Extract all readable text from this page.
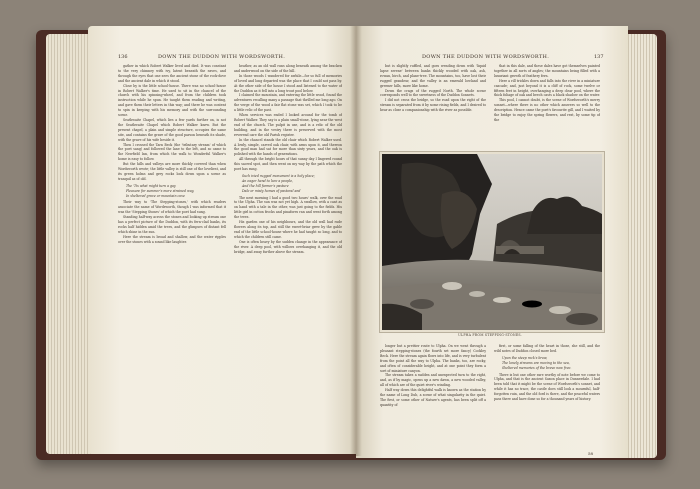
136	DOWN THE DUDDON WITH WORDSWORTH.

gather in which Robert Walker lived and died. It was constant to the very chimney with ivy, latent beneath the eaves, and through the eyes that one sees the ancient stone of the rock-dove and the ancient dale in which it stood.

Close by is the little school-house. There was no school-house in Robert Walker's time. He used to sit in the chancel of the church with his spinning-wheel, and from the children took instruction while he spun. He taught them reading and writing, and gave them their letters in this way; and there he was content to spin in keeping with his memory and with the surrounding scene.

Seathwaite Chapel, which lies a few yards further on, is not the Seathwaite Chapel which Robert Walker knew. But the present chapel, a plain and simple structure, occupies the same site, and contains the grave of the good parson beneath its shade, with the grave of his wife beside it.

Then I crossed the Tarn Beck (the 'tributary stream' of which the poet sang) and followed the lane to the left, and so came to the Newfield Inn, from which the walk to Wonderful Walker's home is easy to follow.

But the hills and valleys are more thickly covered than when Wordsworth wrote; the little valley is still one of the loveliest, and its green holms and grey rocks look down upon a scene as tranquil as of old.

The 'Tis what might turn a gay
Pleasure for summer's more strained way,
In sheltered grove or mountain cove

Their way to 'The Stepping-stones,' with which readers associate the name of Wordsworth, though I was informed that it was the 'Stepping Stones' of which the poet had sung.

Standing half-way across the stones and looking up stream one has a perfect picture of the Duddon, with its fern-clad banks, its rocks half hidden amid the trees, and the glimpses of distant fell which shine in the sun.

Here the stream is broad and shallow, and the water ripples over the stones with a sound like laughter.

heather, as an old wall runs along beneath among the bracken and underwood on the side of the hill.

In those woods I wandered for awhile—for so full of memories of loved and long departed was the place that I could not pass by. At the other side of the house I stood and listened to the water of the Duddon as it fell into a long trout pool below.

I claimed the mountain, and entering the little wood, found the adventures recalling many a passage that thrilled me long ago. On the verge of the wood a fair flat stone was set, which I took to be a little relic of the past.

When services was ended I looked around for the tomb of Robert Walker. They say is a plain small-stone, lying near the west end of the church. The pulpit in use, and is a relic of the old building, and in the vestry there is preserved with the most reverend care the old Parish register.

In the chancel stands the old chair which Robert Walker used. A lowly, simple, carved oak chair, with arms upon it, and thereon the good man had sat for more than sixty years, and the oak is polished with the hands of generations.

All through the bright hours of that sunny day I lingered round this sacred spot, and then went on my way by the path which the poet has sung.

Such ivied rugged monument is a holy place;
An eager hand to lure a people,
And the hill farmer's pasture
Dale or misty homes of pastoral and

The next morning I had a good two hours' walk, over the road to the Ulpha. The sun was not yet high. A swallow, with a cant as on hand with a tale in the other, was just going to the fields. His little girl in cotton frocks and pinafores ran and went forth among the trees.

His garden one of his neighbours, and the old wall had rude flowers along its top, and still the sweet-briar grew by the gable end of the little school-house where he had taught so long, and to which the children still came.

One is often heavy by the sudden change in the appearance of the river. A deep pool, with willows overhanging it, and the old bridge, and away further above the stream.

DOWN THE DUDDON WITH WORDSWORTH.	137

but is slightly ruffled, and goes wending down with 'liquid lapse serene' between banks thickly wooded with oak, ash, rowan, birch, and plane-tree. The mountains, too, have lost their rugged grandeur, and the valley is an emerald lowland and greener hills, more like home.

Down the crags of the rugged North. The whole scene corresponds well to the sweetness of the Duddon Sonnets.

I did not cross the bridge, so the road upon the right of the stream is separated from it by some rising fields, and I desired to hear as close a companionship with the river as possible.

that in this dale, and these dales have got themselves painted together in all sorts of angles; the mountains being filled with a luxuriant growth of feathery fern.

Here a rill trickles down and falls into the river in a miniature cascade; and, just beyond it is a cliff of rock, some twelve or fifteen feet in height, overhanging a deep clear pool, where the thick foliage of oak and beech casts a black shadow on the water.

This pool, I cannot doubt, is the scene of Wordsworth's merry sonnet—where there is no other which answers so well to the description. Hence came the poet's favourite gill, and I waited by the bridge to enjoy the spring flowers, and rest, by some tip of the

ULPHA FROM STEPPING-STONES.

longer but a prettier route to Ulpha. On we went through a pleasant stepping-stones (the fourth set more fancy) Cockley Beck. Here the stream again flows into life, and is very turbulent from the point all the way to Ulpha. The banks, too, are rocky, and often of considerable height, and at one point they form a sort of miniature canyon.

The stream takes a sudden and unexpected turn to the right, and, as if by magic, opens up a new dawn, a new wooded valley, all of which are of the quiet river's winding.

Half way down this delightful walk is known as the station by the name of Long Dub, a scene of what singularity in the quiet. The first, or some other of Nature's agents, has been split off a quantity of

first, or some falling of the heart in those, she still, and the wild notes of Duddon closed more bed.

Upon the steep rock's brow,
The lonely streams are moving to the sea,
Sheltered memories of the brave now free.

There is but one other rare worthy of note before we come to Ulpha, and that is the ancient Saxon place in Dunnerdale. I had been told that it might be the scene of Wordsworth's sonnet, and while it has no trace, the castle does still look a mournful, half-forgotten ruin, and the old ford is there, and the peaceful waters pass there and have done so for a thousand years of history.

58
